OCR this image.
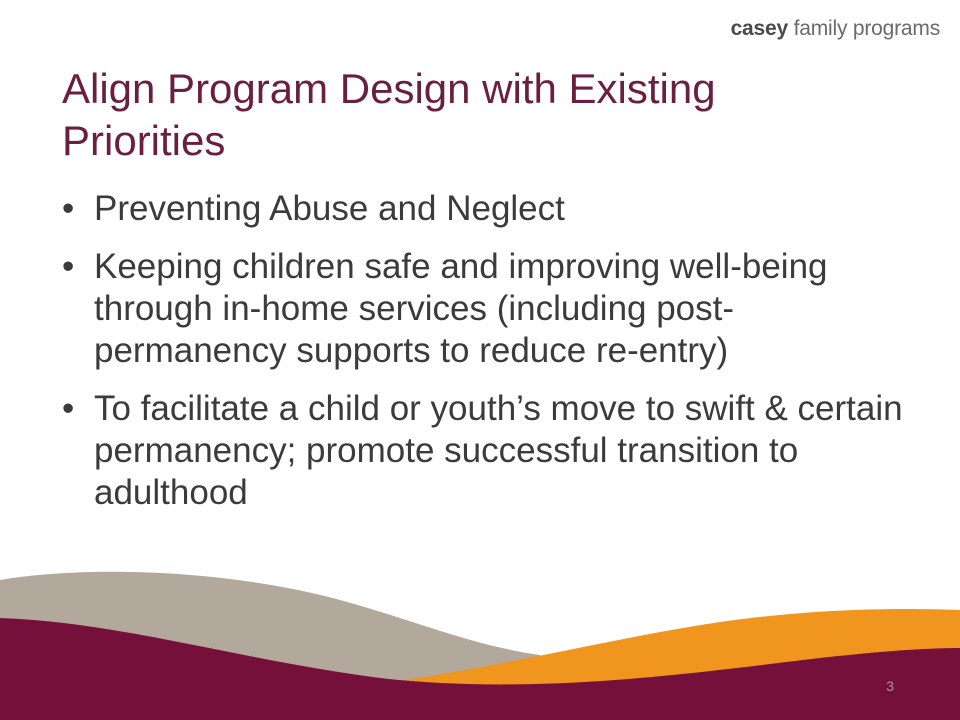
casey family programs
Align Program Design with Existing Priorities
• Preventing Abuse and Neglect
• Keeping children safe and improving well-being through in-home services (including post-permanency supports to reduce re-entry)
• To facilitate a child or youth’s move to swift & certain permanency; promote successful transition to adulthood
3
